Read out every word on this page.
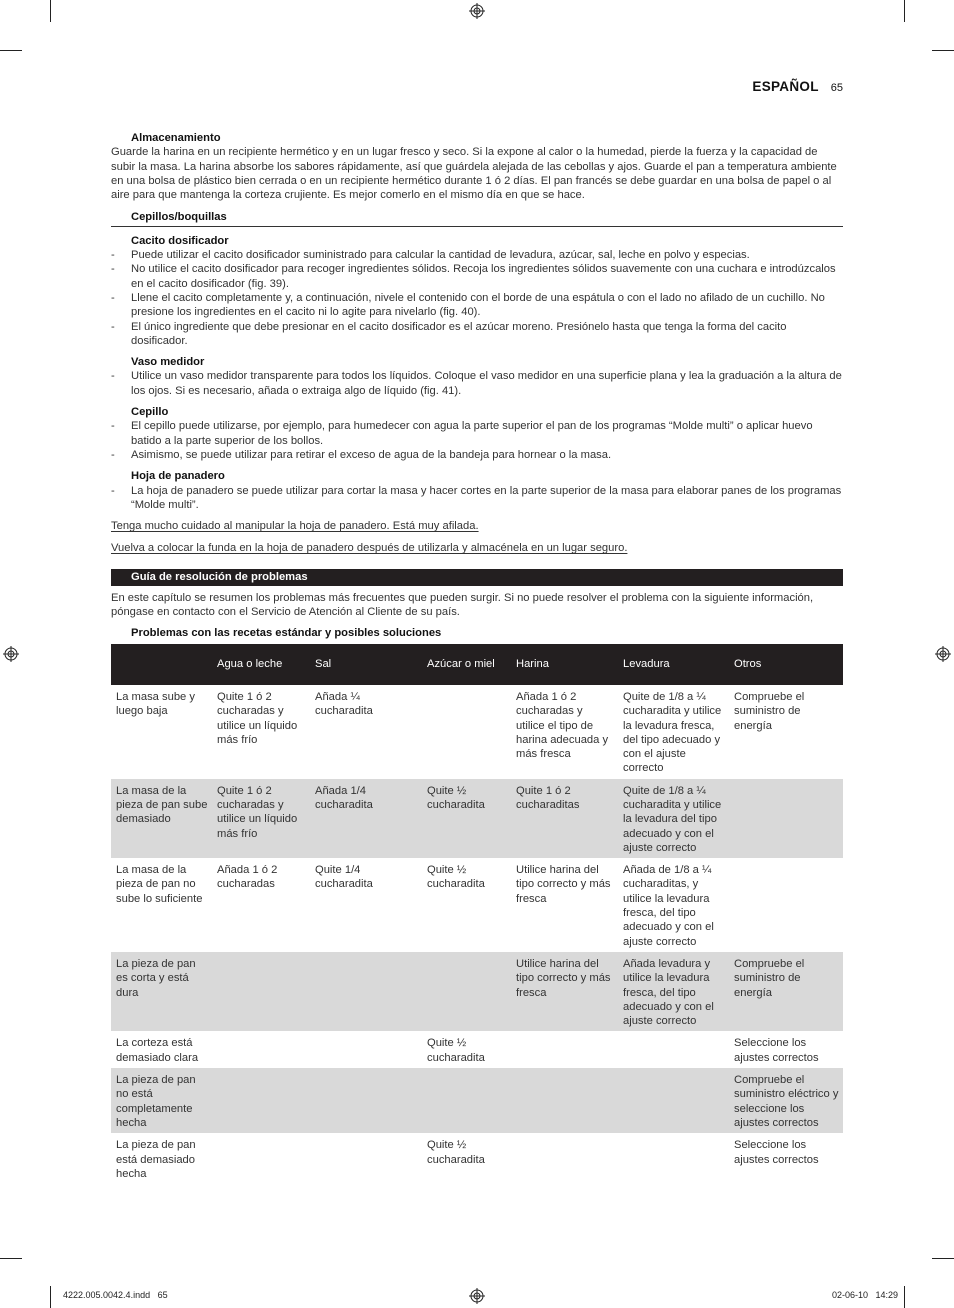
ESPAÑOL 65
Almacenamiento

Guarde la harina en un recipiente hermético y en un lugar fresco y seco. Si la expone al calor o la humedad, pierde la fuerza y la capacidad de subir la masa. La harina absorbe los sabores rápidamente, así que guárdela alejada de las cebollas y ajos. Guarde el pan a temperatura ambiente en una bolsa de plástico bien cerrada o en un recipiente hermético durante 1 ó 2 días. El pan francés se debe guardar en una bolsa de papel o al aire para que mantenga la corteza crujiente. Es mejor comerlo en el mismo día en que se hace.

Cepillos/boquillas
Cacito dosificador
- Puede utilizar el cacito dosificador suministrado para calcular la cantidad de levadura, azúcar, sal, leche en polvo y especias.
- No utilice el cacito dosificador para recoger ingredientes sólidos. Recoja los ingredientes sólidos suavemente con una cuchara e introdúzcalos en el cacito dosificador (fig. 39).
- Llene el cacito completamente y, a continuación, nivele el contenido con el borde de una espátula o con el lado no afilado de un cuchillo. No presione los ingredientes en el cacito ni lo agite para nivelarlo (fig. 40).
- El único ingrediente que debe presionar en el cacito dosificador es el azúcar moreno. Presiónelo hasta que tenga la forma del cacito dosificador.
Vaso medidor
- Utilice un vaso medidor transparente para todos los líquidos. Coloque el vaso medidor en una superficie plana y lea la graduación a la altura de los ojos. Si es necesario, añada o extraiga algo de líquido (fig. 41).
Cepillo
- El cepillo puede utilizarse, por ejemplo, para humedecer con agua la parte superior el pan de los programas “Molde multi” o aplicar huevo batido a la parte superior de los bollos.
- Asimismo, se puede utilizar para retirar el exceso de agua de la bandeja para hornear o la masa.
Hoja de panadero
- La hoja de panadero se puede utilizar para cortar la masa y hacer cortes en la parte superior de la masa para elaborar panes de los programas “Molde multi”.
Tenga mucho cuidado al manipular la hoja de panadero. Está muy afilada.
Vuelva a colocar la funda en la hoja de panadero después de utilizarla y almacénela en un lugar seguro.
Guía de resolución de problemas

En este capítulo se resumen los problemas más frecuentes que pueden surgir. Si no puede resolver el problema con la siguiente información, póngase en contacto con el Servicio de Atención al Cliente de su país.

Problemas con las recetas estándar y posibles soluciones
	Agua o leche	Sal	Azúcar o miel	Harina	Levadura	Otros
La masa sube y luego baja	Quite 1 ó 2 cucharadas y utilice un líquido más frío	Añada ¼ cucharadita		Añada 1 ó 2 cucharadas y utilice el tipo de harina adecuada y más fresca	Quite de 1/8 a ¼ cucharadita y utilice la levadura fresca, del tipo adecuado y con el ajuste correcto	Compruebe el suministro de energía
La masa de la pieza de pan sube demasiado	Quite 1 ó 2 cucharadas y utilice un líquido más frío	Añada 1/4 cucharadita	Quite ½ cucharadita	Quite 1 ó 2 cucharaditas	Quite de 1/8 a ¼ cucharadita y utilice la levadura del tipo adecuado y con el ajuste correcto	
La masa de la pieza de pan no sube lo suficiente	Añada 1 ó 2 cucharadas	Quite 1/4 cucharadita	Quite ½ cucharadita	Utilice harina del tipo correcto y más fresca	Añada de 1/8 a ¼ cucharaditas, y utilice la levadura fresca, del tipo adecuado y con el ajuste correcto	
La pieza de pan es corta y está dura				Utilice harina del tipo correcto y más fresca	Añada levadura y utilice la levadura fresca, del tipo adecuado y con el ajuste correcto	Compruebe el suministro de energía
La corteza está demasiado clara			Quite ½ cucharadita			Seleccione los ajustes correctos
La pieza de pan no está completamente hecha						Compruebe el suministro eléctrico y seleccione los ajustes correctos
La pieza de pan está demasiado hecha			Quite ½ cucharadita			Seleccione los ajustes correctos
4222.005.0042.4.indd   65	02-06-10   14:29
